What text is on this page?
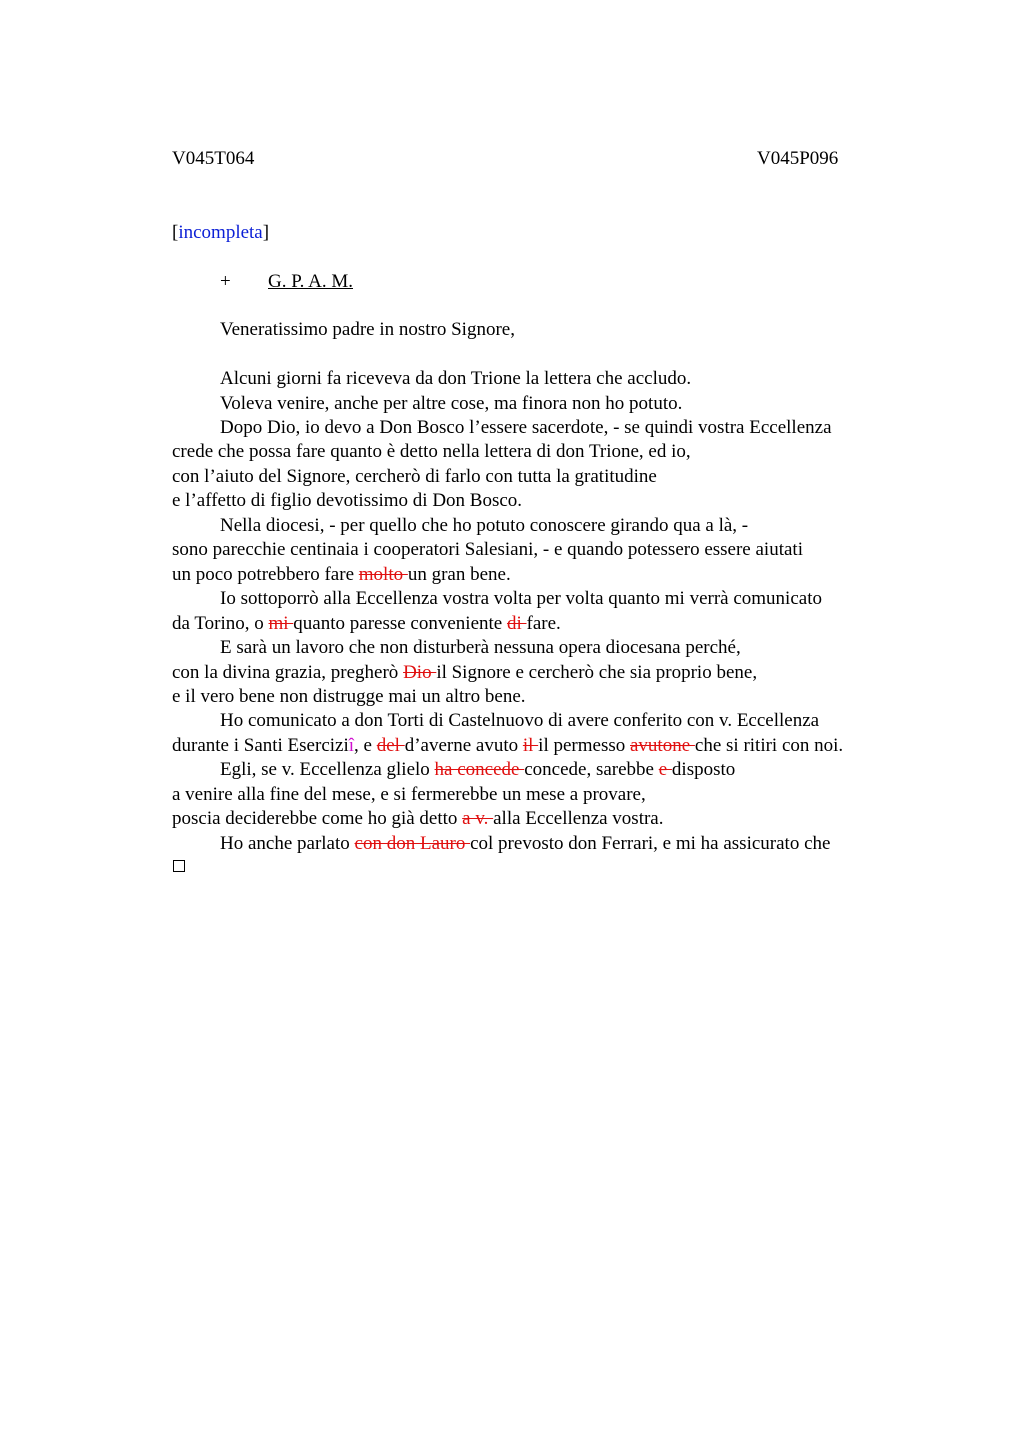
V045T064	V045P096
[incompleta]
+ G. P. A. M.
Veneratissimo padre in nostro Signore,
Alcuni giorni fa riceveva da don Trione la lettera che accludo.
Voleva venire, anche per altre cose, ma finora non ho potuto.
Dopo Dio, io devo a Don Bosco l’essere sacerdote, - se quindi vostra Eccellenza
crede che possa fare quanto è detto nella lettera di don Trione, ed io,
con l’aiuto del Signore, cercherò di farlo con tutta la gratitudine
e l’affetto di figlio devotissimo di Don Bosco.
Nella diocesi, - per quello che ho potuto conoscere girando qua a là, -
sono parecchie centinaia i cooperatori Salesiani, - e quando potessero essere aiutati
un poco potrebbero fare molto un gran bene.
Io sottoporrò alla Eccellenza vostra volta per volta quanto mi verrà comunicato
da Torino, o mi quanto paresse conveniente di fare.
E sarà un lavoro che non disturberà nessuna opera diocesana perché,
con la divina grazia, pregherò Dio il Signore e cercherò che sia proprio bene,
e il vero bene non distrugge mai un altro bene.
Ho comunicato a don Torti di Castelnuovo di avere conferito con v. Eccellenza
durante i Santi Eserciziî, e del d’averne avuto il il permesso avutone che si ritiri con noi.
Egli, se v. Eccellenza glielo ha concede concede, sarebbe e disposto
a venire alla fine del mese, e si fermerebbe un mese a provare,
poscia deciderebbe come ho già detto a v. alla Eccellenza vostra.
Ho anche parlato con don Lauro col prevosto don Ferrari, e mi ha assicurato che
